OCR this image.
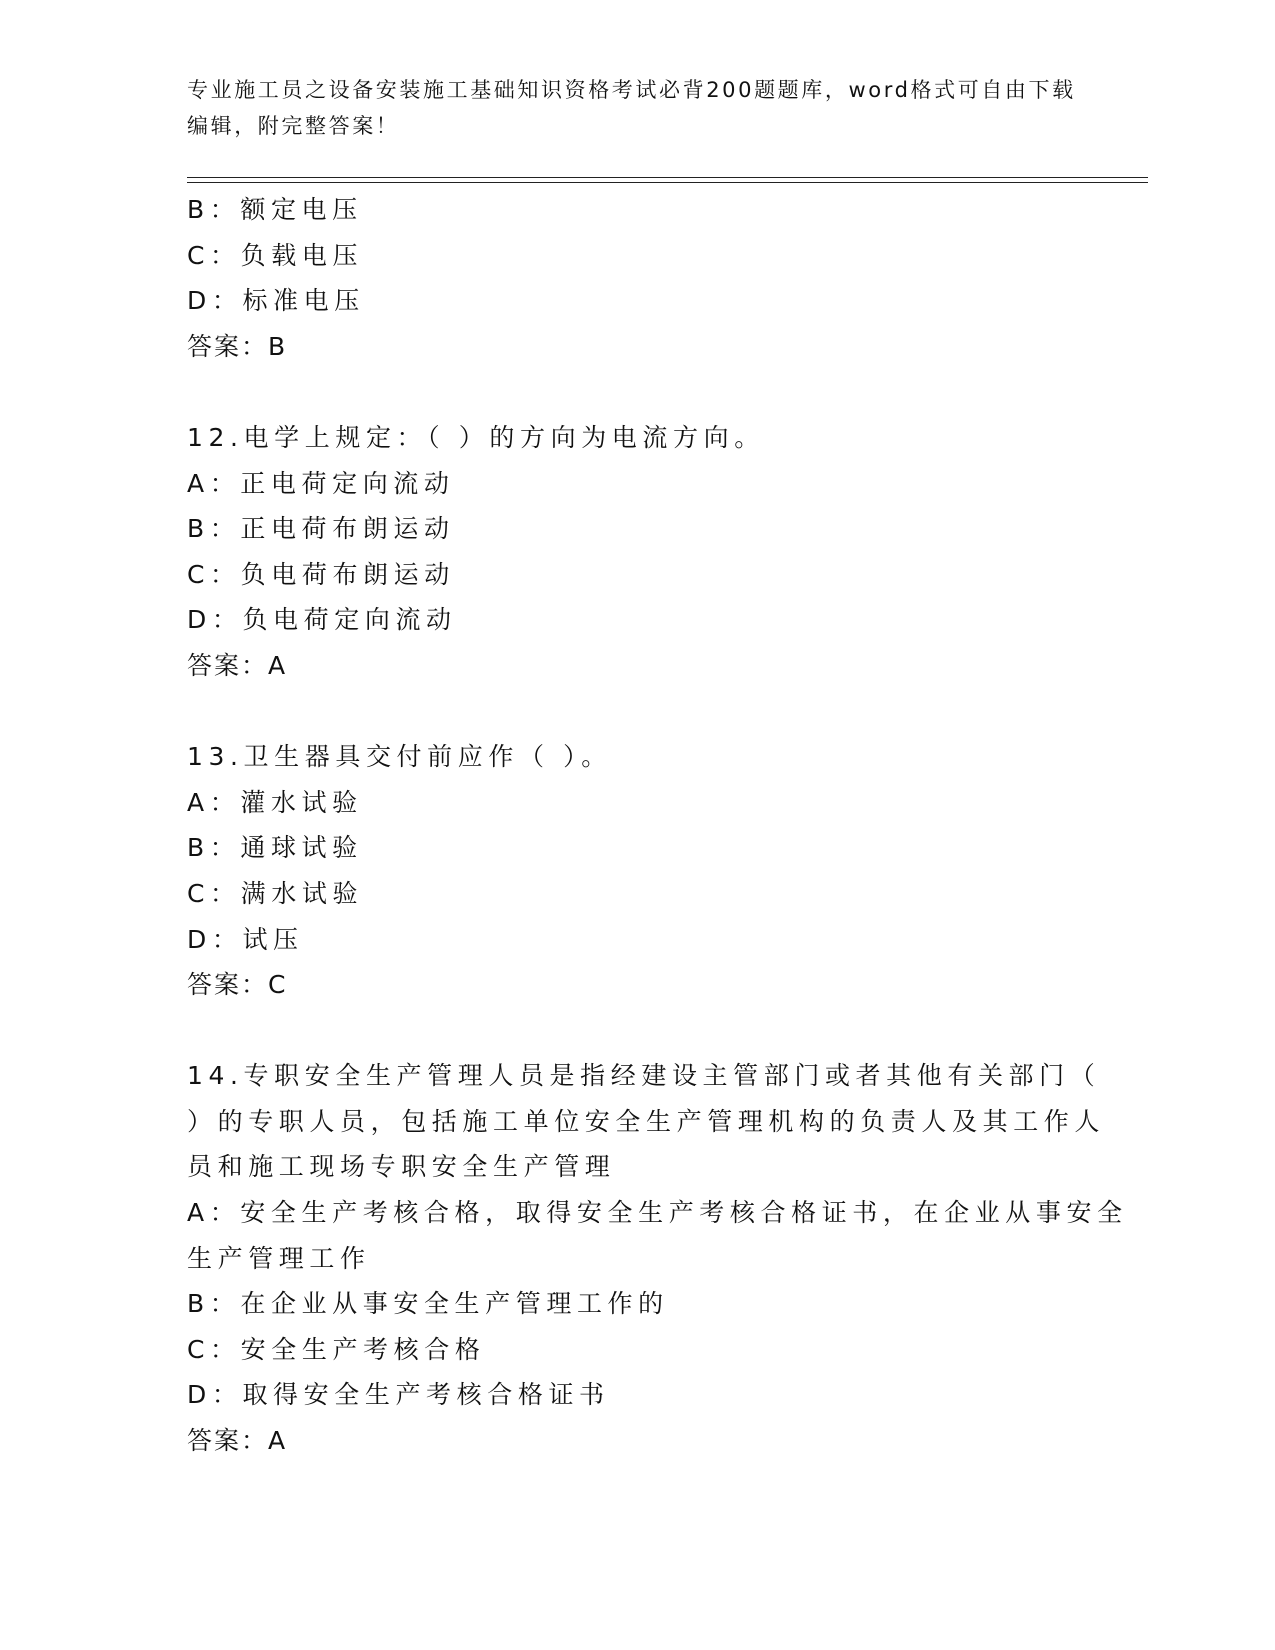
专业施工员之设备安装施工基础知识资格考试必背200题题库，word格式可自由下载编辑，附完整答案！
B：额定电压
C：负载电压
D：标准电压
答案：B
12.电学上规定：（ ）的方向为电流方向。
A：正电荷定向流动
B：正电荷布朗运动
C：负电荷布朗运动
D：负电荷定向流动
答案：A
13.卫生器具交付前应作（ ）。
A：灌水试验
B：通球试验
C：满水试验
D：试压
答案：C
14.专职安全生产管理人员是指经建设主管部门或者其他有关部门（
）的专职人员，包括施工单位安全生产管理机构的负责人及其工作人
员和施工现场专职安全生产管理
A：安全生产考核合格，取得安全生产考核合格证书，在企业从事安全
生产管理工作
B：在企业从事安全生产管理工作的
C：安全生产考核合格
D：取得安全生产考核合格证书
答案：A
